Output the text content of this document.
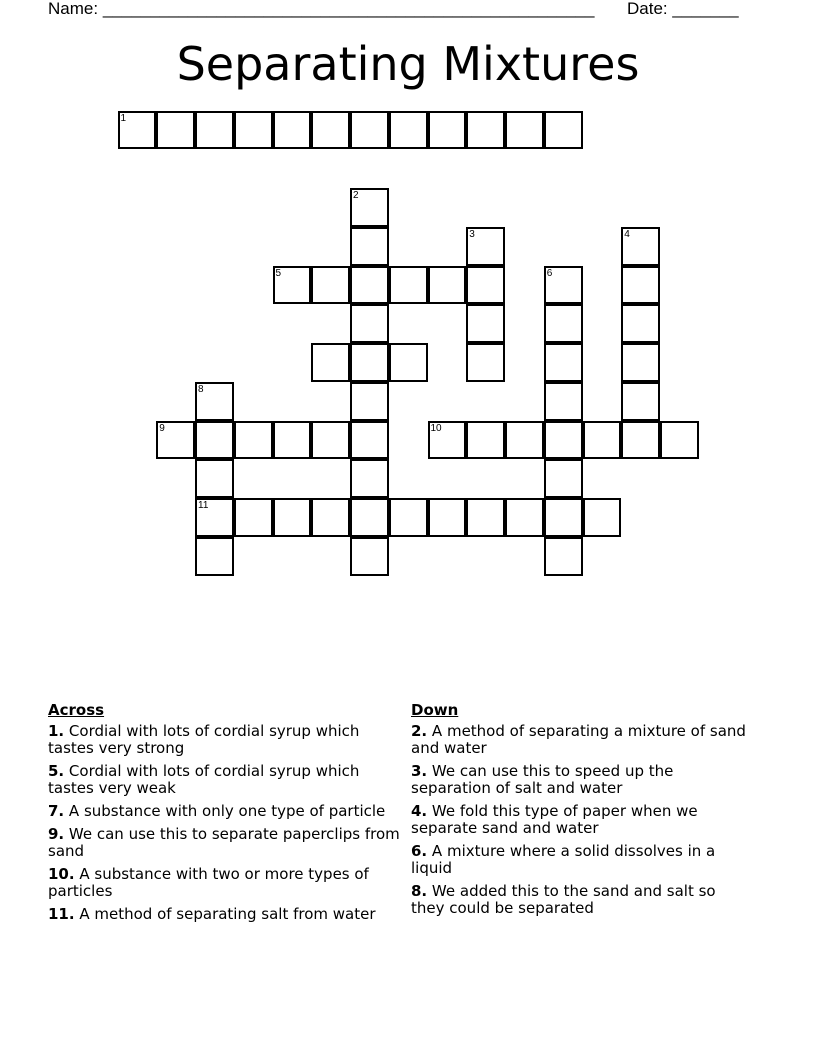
Name: ____________________________________________________ Date: _______
Separating Mixtures
1
2
3	4
5	6
8
11
9	10
Across
1. Cordial with lots of cordial syrup which tastes very strong
5. Cordial with lots of cordial syrup which tastes very weak
7. A substance with only one type of particle
9. We can use this to separate paperclips from sand
10. A substance with two or more types of particles
11. A method of separating salt from water
Down
2. A method of separating a mixture of sand and water
3. We can use this to speed up the separation of salt and water
4. We fold this type of paper when we separate sand and water
6. A mixture where a solid dissolves in a liquid
8. We added this to the sand and salt so they could be separated
